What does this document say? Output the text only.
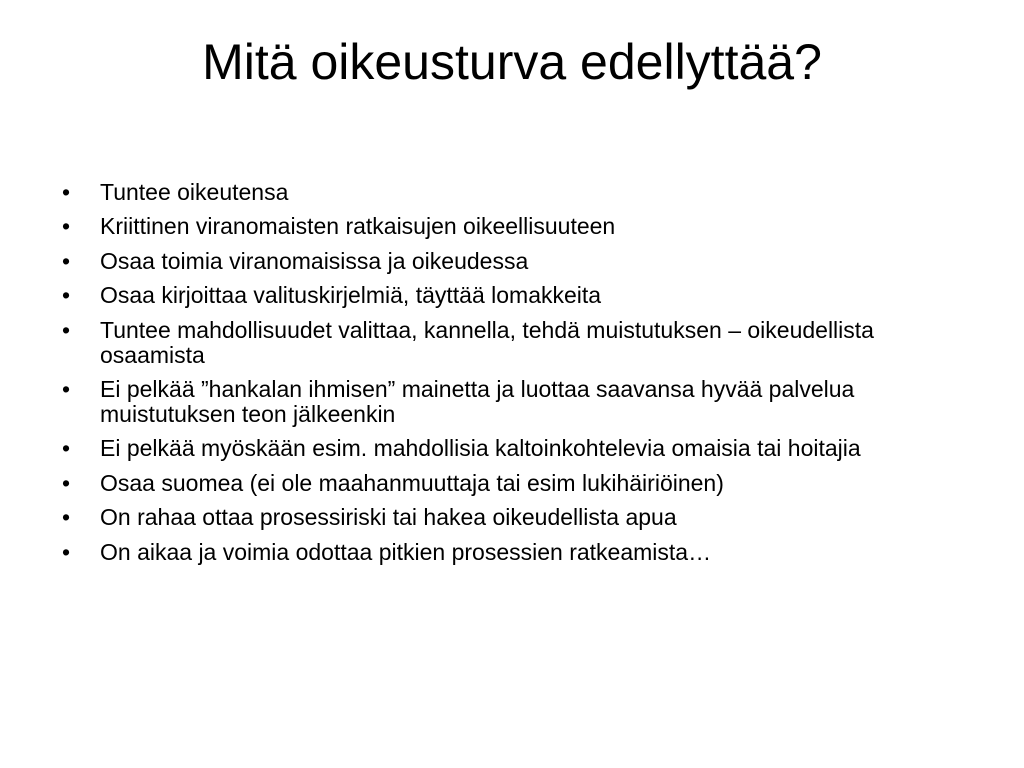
Mitä oikeusturva edellyttää?
• Tuntee oikeutensa
• Kriittinen viranomaisten ratkaisujen oikeellisuuteen
• Osaa toimia viranomaisissa ja oikeudessa
• Osaa kirjoittaa valituskirjelmiä, täyttää lomakkeita
• Tuntee mahdollisuudet valittaa, kannella, tehdä muistutuksen – oikeudellista osaamista
• Ei pelkää ”hankalan ihmisen” mainetta ja luottaa saavansa hyvää palvelua muistutuksen teon jälkeenkin
• Ei pelkää myöskään esim. mahdollisia kaltoinkohtelevia omaisia tai hoitajia
• Osaa suomea (ei ole maahanmuuttaja tai esim lukihäiriöinen)
• On rahaa ottaa prosessiriski tai hakea oikeudellista apua
• On aikaa ja voimia odottaa pitkien prosessien ratkeamista…
